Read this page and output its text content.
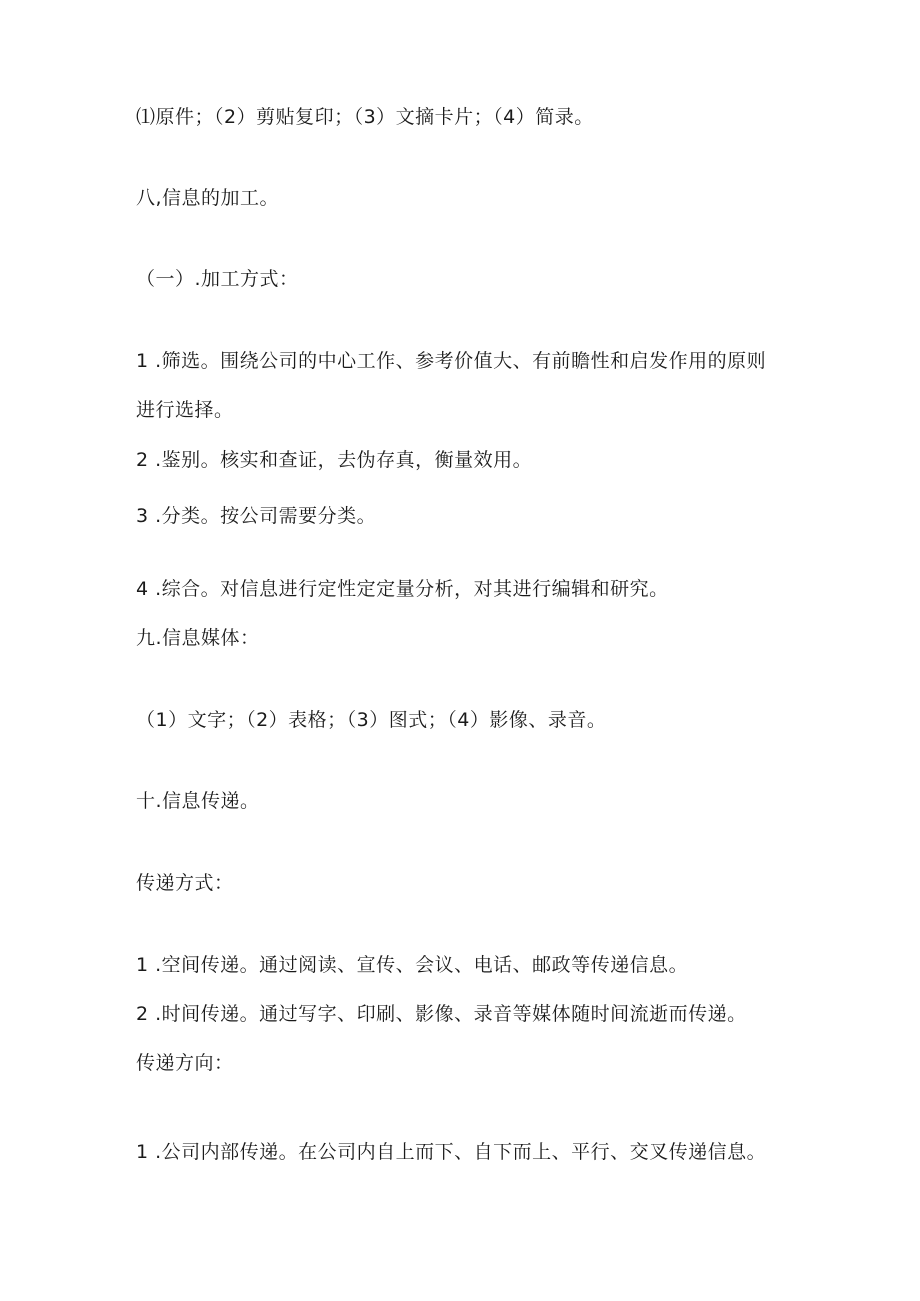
⑴原件；（2）剪贴复印；（3）文摘卡片；（4）简录。
八,信息的加工。
（一）.加工方式：
1 .筛选。围绕公司的中心工作、参考价值大、有前瞻性和启发作用的原则
进行选择。
2 .鉴别。核实和查证，去伪存真，衡量效用。
3 .分类。按公司需要分类。
4 .综合。对信息进行定性定定量分析，对其进行编辑和研究。
九.信息媒体：
（1）文字；（2）表格；（3）图式；（4）影像、录音。
十.信息传递。
传递方式：
1 .空间传递。通过阅读、宣传、会议、电话、邮政等传递信息。
2 .时间传递。通过写字、印刷、影像、录音等媒体随时间流逝而传递。
传递方向：
1 .公司内部传递。在公司内自上而下、自下而上、平行、交叉传递信息。
